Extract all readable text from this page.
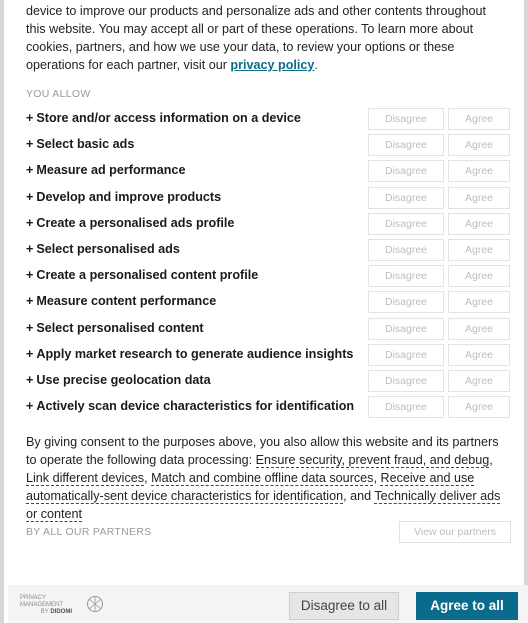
device to improve our products and personalize ads and other contents throughout this website. You may accept all or part of these operations. To learn more about cookies, partners, and how we use your data, to review your options or these operations for each partner, visit our privacy policy.

YOU ALLOW
+ Store and/or access information on a device	Disagree	Agree
+ Select basic ads	Disagree	Agree
+ Measure ad performance	Disagree	Agree
+ Develop and improve products	Disagree	Agree
+ Create a personalised ads profile	Disagree	Agree
+ Select personalised ads	Disagree	Agree
+ Create a personalised content profile	Disagree	Agree
+ Measure content performance	Disagree	Agree
+ Select personalised content	Disagree	Agree
+ Apply market research to generate audience insights	Disagree	Agree
+ Use precise geolocation data	Disagree	Agree
+ Actively scan device characteristics for identification	Disagree	Agree

By giving consent to the purposes above, you also allow this website and its partners to operate the following data processing: Ensure security, prevent fraud, and debug, Link different devices, Match and combine offline data sources, Receive and use automatically-sent device characteristics for identification, and Technically deliver ads or content

BY ALL OUR PARTNERS	View our partners
PRIVACY MANAGEMENT
BY DIDOMI	Disagree to all	Agree to all
